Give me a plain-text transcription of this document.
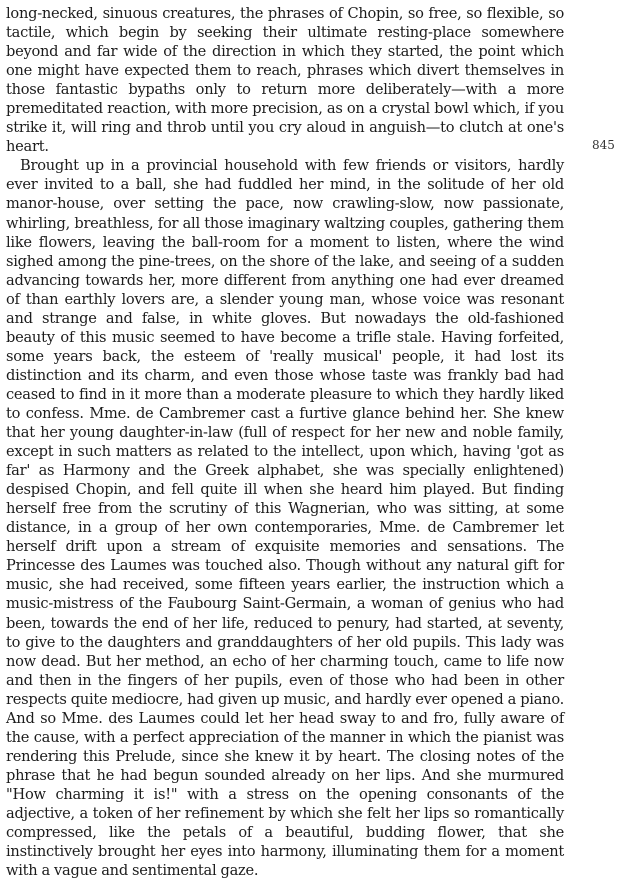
long-necked, sinuous creatures, the phrases of Chopin, so free, so flexible, so tactile, which begin by seeking their ultimate resting-place somewhere beyond and far wide of the direction in which they started, the point which one might have expected them to reach, phrases which divert themselves in those fantastic bypaths only to return more deliberately—with a more premeditated reaction, with more precision, as on a crystal bowl which, if you strike it, will ring and throb until you cry aloud in anguish—to clutch at one's heart.

Brought up in a provincial household with few friends or visitors, hardly ever invited to a ball, she had fuddled her mind, in the solitude of her old manor-house, over setting the pace, now crawling-slow, now passionate, whirling, breathless, for all those imaginary waltzing couples, gathering them like flowers, leaving the ball-room for a moment to listen, where the wind sighed among the pine-trees, on the shore of the lake, and seeing of a sudden advancing towards her, more different from anything one had ever dreamed of than earthly lovers are, a slender young man, whose voice was resonant and strange and false, in white gloves. But nowadays the old-fashioned beauty of this music seemed to have become a trifle stale. Having forfeited, some years back, the esteem of 'really musical' people, it had lost its distinction and its charm, and even those whose taste was frankly bad had ceased to find in it more than a moderate pleasure to which they hardly liked to confess. Mme. de Cambremer cast a furtive glance behind her. She knew that her young daughter-in-law (full of respect for her new and noble family, except in such matters as related to the intellect, upon which, having 'got as far' as Harmony and the Greek alphabet, she was specially enlightened) despised Chopin, and fell quite ill when she heard him played. But finding herself free from the scrutiny of this Wagnerian, who was sitting, at some distance, in a group of her own contemporaries, Mme. de Cambremer let herself drift upon a stream of exquisite memories and sensations. The Princesse des Laumes was touched also. Though without any natural gift for music, she had received, some fifteen years earlier, the instruction which a music-mistress of the Faubourg Saint-Germain, a woman of genius who had been, towards the end of her life, reduced to penury, had started, at seventy, to give to the daughters and granddaughters of her old pupils. This lady was now dead. But her method, an echo of her charming touch, came to life now and then in the fingers of her pupils, even of those who had been in other respects quite mediocre, had given up music, and hardly ever opened a piano. And so Mme. des Laumes could let her head sway to and fro, fully aware of the cause, with a perfect appreciation of the manner in which the pianist was rendering this Prelude, since she knew it by heart. The closing notes of the phrase that he had begun sounded already on her lips. And she murmured "How charming it is!" with a stress on the opening consonants of the adjective, a token of her refinement by which she felt her lips so romantically compressed, like the petals of a beautiful, budding flower, that she instinctively brought her eyes into harmony, illuminating them for a moment with a vague and sentimental gaze.

845
